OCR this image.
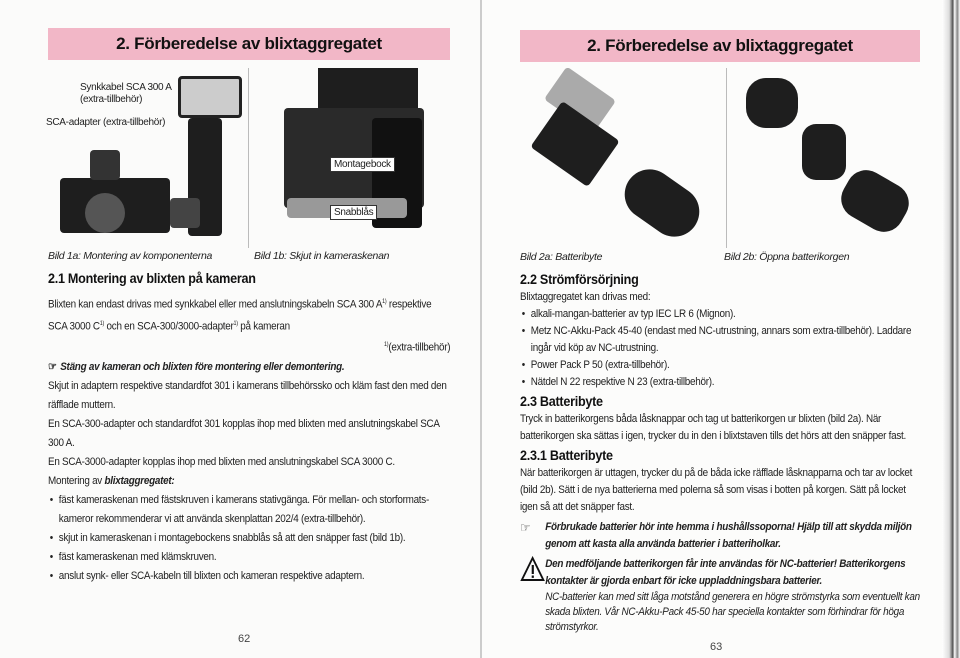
2. Förberedelse av blixtaggregatet
Synkkabel SCA 300 A
(extra-tillbehör)
SCA-adapter (extra-tillbehör)
Montagebock
Snabblås
Bild 1a: Montering av komponenterna	Bild 1b: Skjut in kameraskenan
2.1 Montering av blixten på kameran
Blixten kan endast drivas med synkkabel eller med anslutningskabeln SCA 300 $A^{1)}$ respektive SCA 3000 $C^{1)}$ och en SCA-300/3000-adapter$^{1)}$ på kameran
$^{1)}$(extra-tillbehör)
☞ Stäng av kameran och blixten före montering eller demontering.
Skjut in adaptern respektive standardfot 301 i kamerans tillbehörssko och kläm fast den med den räfflade muttern.
En SCA-300-adapter och standardfot 301 kopplas ihop med blixten med anslutningskabel SCA 300 A.
En SCA-3000-adapter kopplas ihop med blixten med anslutningskabel SCA 3000 C.
Montering av blixtaggregatet:
• fäst kameraskenan med fästskruven i kamerans stativgänga. För mellan- och storformats-kameror rekommenderar vi att använda skenplattan 202/4 (extra-tillbehör).
• skjut in kameraskenan i montagebockens snabblås så att den snäpper fast (bild 1b).
• fäst kameraskenan med klämskruven.
• anslut synk- eller SCA-kabeln till blixten och kameran respektive adaptern.
62
2. Förberedelse av blixtaggregatet
Bild 2a: Batteribyte	Bild 2b: Öppna batterikorgen
2.2 Strömförsörjning
Blixtaggregatet kan drivas med:
• alkali-mangan-batterier av typ IEC LR 6 (Mignon).
• Metz NC-Akku-Pack 45-40 (endast med NC-utrustning, annars som extra-tillbehör). Laddare ingår vid köp av NC-utrustning.
• Power Pack P 50 (extra-tillbehör).
• Nätdel N 22 respektive N 23 (extra-tillbehör).
2.3 Batteribyte
Tryck in batterikorgens båda låsknappar och tag ut batterikorgen ur blixten (bild 2a). När batterikorgen ska sättas i igen, trycker du in den i blixtstaven tills det hörs att den snäpper fast.
2.3.1 Batteribyte
När batterikorgen är uttagen, trycker du på de båda icke räfflade låsknapparna och tar av locket (bild 2b). Sätt i de nya batterierna med polerna så som visas i botten på korgen. Sätt på locket igen så att det snäpper fast.
☞	Förbrukade batterier hör inte hemma i hushållssoporna! Hjälp till att skydda miljön genom att kasta alla använda batterier i batteriholkar.
Den medföljande batterikorgen får inte användas för NC-batterier! Batterikorgens kontakter är gjorda enbart för icke uppladdningsbara batterier.
NC-batterier kan med sitt låga motstånd generera en högre strömstyrka som eventuellt kan skada blixten. Vår NC-Akku-Pack 45-50 har speciella kontakter som förhindrar för höga strömstyrkor.
63
